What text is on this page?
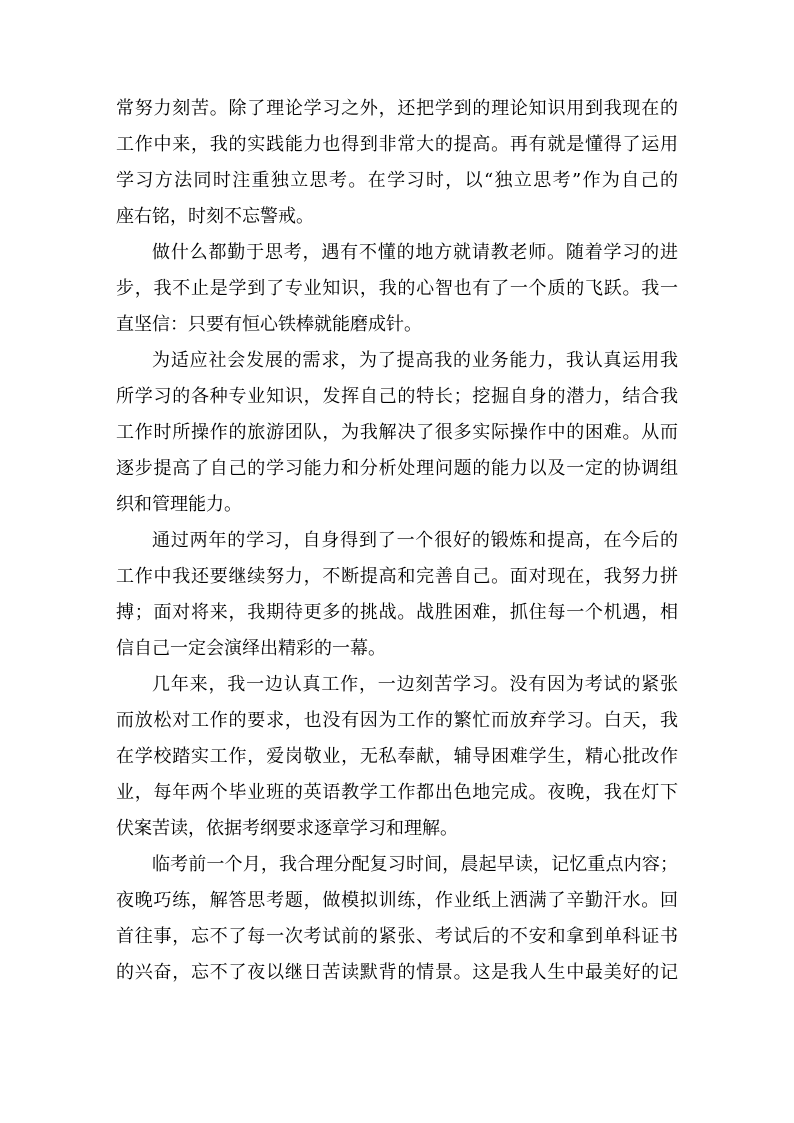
常努力刻苦。除了理论学习之外，还把学到的理论知识用到我现在的
工作中来，我的实践能力也得到非常大的提高。再有就是懂得了运用
学习方法同时注重独立思考。在学习时，以“独立思考”作为自己的
座右铭，时刻不忘警戒。
做什么都勤于思考，遇有不懂的地方就请教老师。随着学习的进
步，我不止是学到了专业知识，我的心智也有了一个质的飞跃。我一
直坚信：只要有恒心铁棒就能磨成针。
为适应社会发展的需求，为了提高我的业务能力，我认真运用我
所学习的各种专业知识，发挥自己的特长；挖掘自身的潜力，结合我
工作时所操作的旅游团队，为我解决了很多实际操作中的困难。从而
逐步提高了自己的学习能力和分析处理问题的能力以及一定的协调组
织和管理能力。
通过两年的学习，自身得到了一个很好的锻炼和提高，在今后的
工作中我还要继续努力，不断提高和完善自己。面对现在，我努力拼
搏；面对将来，我期待更多的挑战。战胜困难，抓住每一个机遇，相
信自己一定会演绎出精彩的一幕。
几年来，我一边认真工作，一边刻苦学习。没有因为考试的紧张
而放松对工作的要求，也没有因为工作的繁忙而放弃学习。白天，我
在学校踏实工作，爱岗敬业，无私奉献，辅导困难学生，精心批改作
业，每年两个毕业班的英语教学工作都出色地完成。夜晚，我在灯下
伏案苦读，依据考纲要求逐章学习和理解。
临考前一个月，我合理分配复习时间，晨起早读，记忆重点内容；
夜晚巧练，解答思考题，做模拟训练，作业纸上洒满了辛勤汗水。回
首往事，忘不了每一次考试前的紧张、考试后的不安和拿到单科证书
的兴奋，忘不了夜以继日苦读默背的情景。这是我人生中最美好的记
